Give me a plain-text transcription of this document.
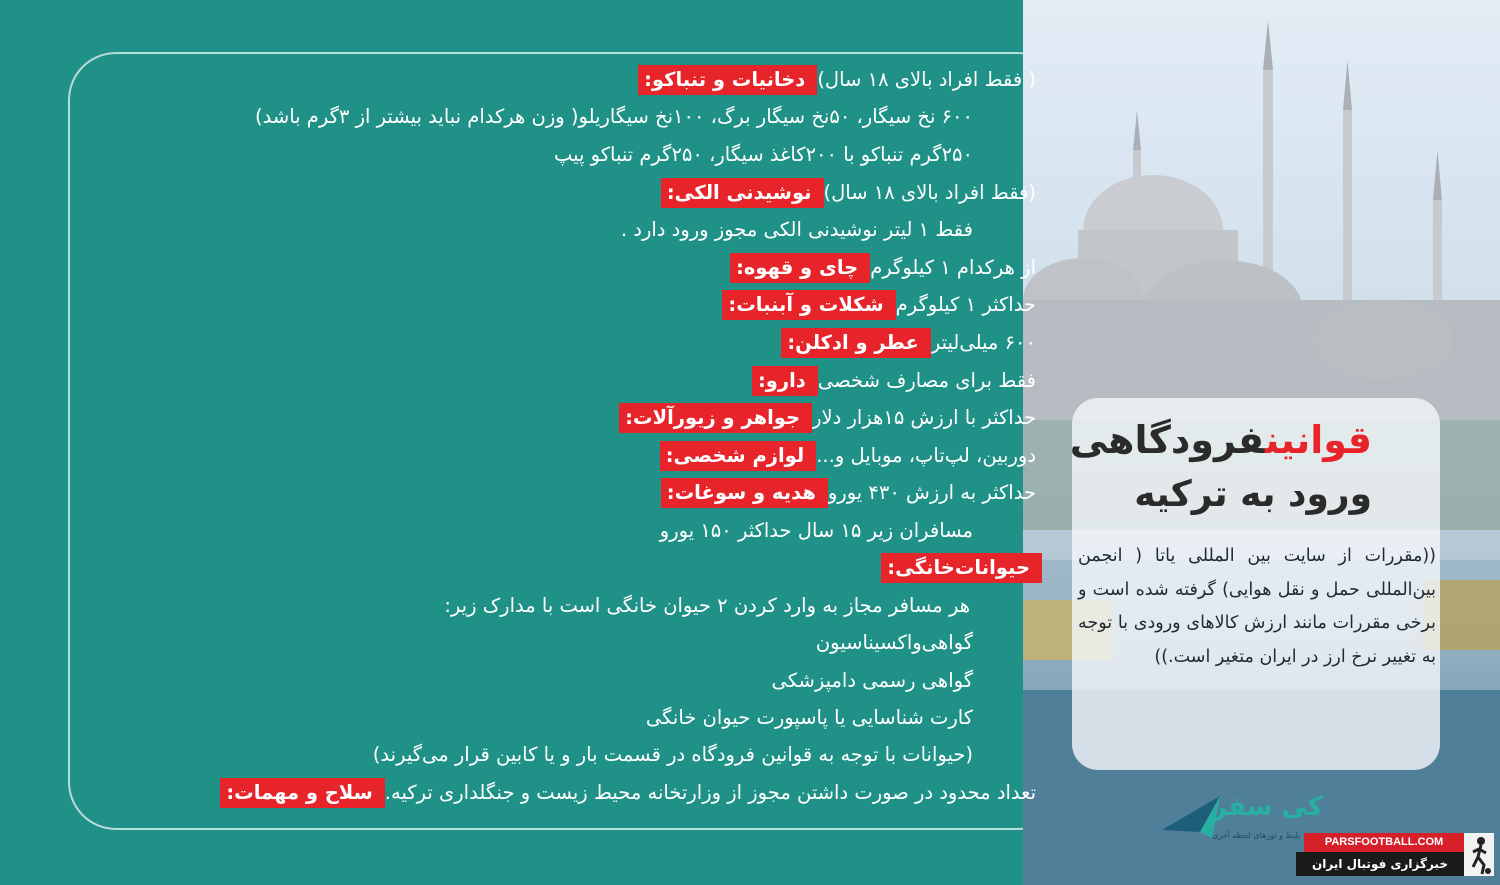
قوانینفرودگاهی
ورود به ترکیه
((مقررات از سایت بین المللی یاتا ( انجمن بین‌المللی حمل و نقل هوایی) گرفته شده است و برخی مقررات مانند ارزش کالاهای ورودی با توجه به تغییر نرخ ارز در ایران متغیر است.))
دخانیات و تنباکو: ( فقط افراد بالای ۱۸ سال)
۶۰۰ نخ سیگار، ۵۰نخ سیگار برگ، ۱۰۰نخ سیگاریلو( وزن هرکدام نباید بیشتر از ۳گرم باشد)
۲۵۰گرم تنباکو با ۲۰۰کاغذ سیگار، ۲۵۰گرم تنباکو پیپ
نوشیدنی الکی: (فقط افراد بالای ۱۸ سال)
فقط ۱ لیتر نوشیدنی الکی مجوز ورود دارد .
چای و قهوه: از هرکدام ۱ کیلوگرم
شکلات و آبنبات: حداکثر ۱ کیلوگرم
عطر و ادکلن: ۶۰۰ میلی‌لیتر
دارو: فقط برای مصارف شخصی
جواهر و زیورآلات: حداکثر با ارزش ۱۵هزار دلار
لوازم شخصی: دوربین، لپ‌تاپ، موبایل و...
هدیه و سوغات: حداکثر به ارزش ۴۳۰ یورو
مسافران زیر ۱۵ سال حداکثر ۱۵۰ یورو
حیوانات‌خانگی:
هر مسافر مجاز به وارد کردن ۲ حیوان خانگی است با مدارک زیر:
گواهی‌واکسیناسیون
گواهی رسمی دامپزشکی
کارت شناسایی یا پاسپورت حیوان خانگی
(حیوانات با توجه به قوانین فرودگاه در قسمت بار و یا کابین قرار می‌گیرند)
سلاح و مهمات: تعداد محدود در صورت داشتن مجوز از وزارتخانه محیط زیست و جنگلداری ترکیه.	کی سفر
بلیط و تورهای لحظه آخری
PARSFOOTBALL.COM
خبرگزاری فوتبال ایران
